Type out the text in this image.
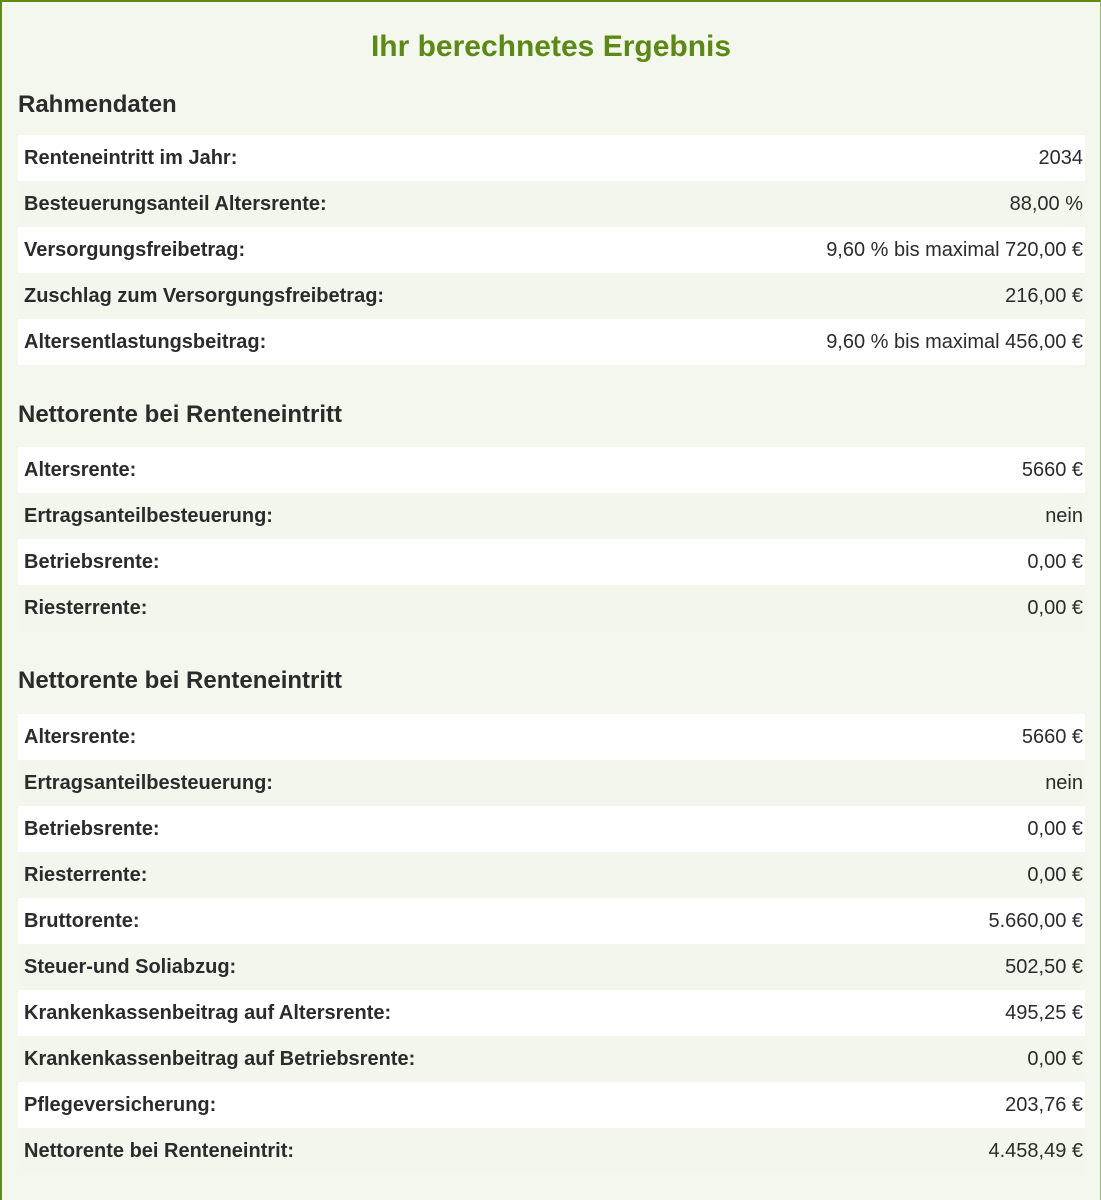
Ihr berechnetes Ergebnis
Rahmendaten
Renteneintritt im Jahr:	2034
Besteuerungsanteil Altersrente:	88,00 %
Versorgungsfreibetrag:	9,60 % bis maximal 720,00 €
Zuschlag zum Versorgungsfreibetrag:	216,00 €
Altersentlastungsbeitrag:	9,60 % bis maximal 456,00 €
Nettorente bei Renteneintritt
Altersrente:	5660 €
Ertragsanteilbesteuerung:	nein
Betriebsrente:	0,00 €
Riesterrente:	0,00 €
Nettorente bei Renteneintritt
Altersrente:	5660 €
Ertragsanteilbesteuerung:	nein
Betriebsrente:	0,00 €
Riesterrente:	0,00 €
Bruttorente:	5.660,00 €
Steuer-und Soliabzug:	502,50 €
Krankenkassenbeitrag auf Altersrente:	495,25 €
Krankenkassenbeitrag auf Betriebsrente:	0,00 €
Pflegeversicherung:	203,76 €
Nettorente bei Renteneintrit:	4.458,49 €
